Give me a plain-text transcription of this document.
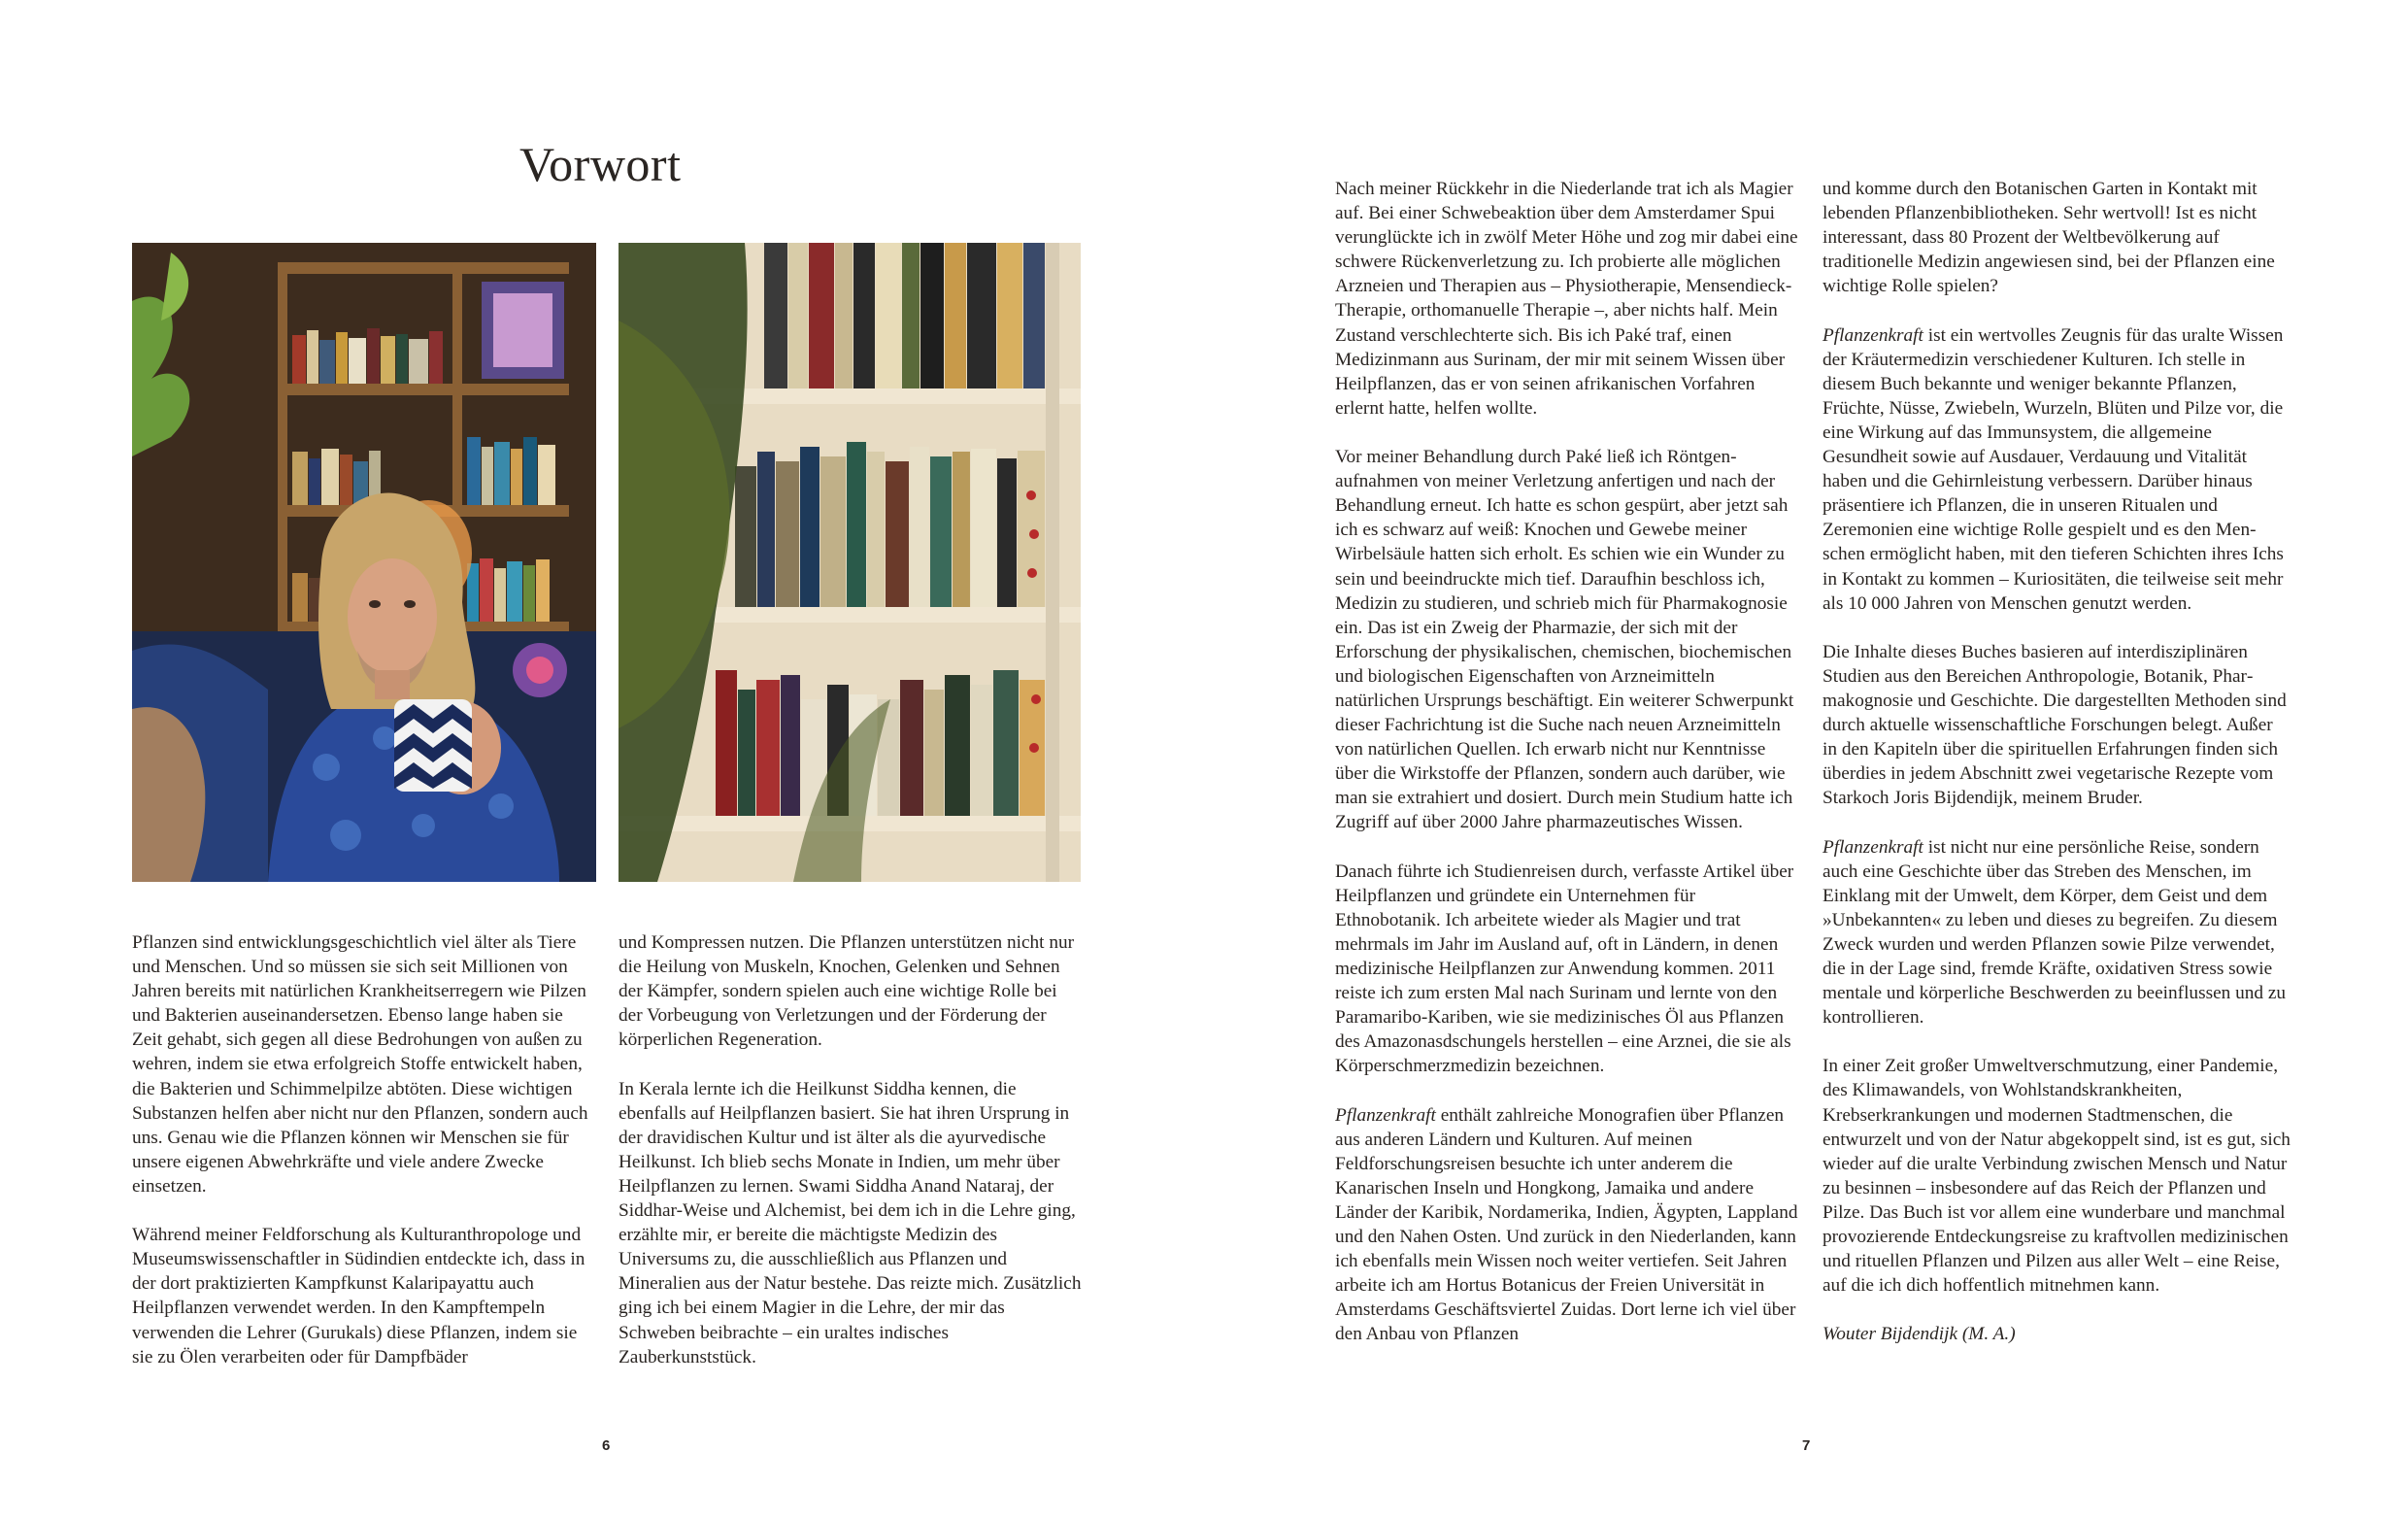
Vorwort

Pflanzen sind entwicklungsgeschichtlich viel älter als Tiere und Menschen. Und so müssen sie sich seit Millionen von Jahren bereits mit natürlichen Krankheitserregern wie Pilzen und Bakterien auseinandersetzen. Ebenso lange haben sie Zeit gehabt, sich gegen all diese Bedrohungen von außen zu wehren, indem sie etwa erfolgreich Stoffe entwickelt haben, die Bakterien und Schimmelpilze abtöten. Diese wichtigen Substanzen helfen aber nicht nur den Pflanzen, sondern auch uns. Genau wie die Pflanzen können wir Menschen sie für unsere eigenen Abwehrkräfte und viele andere Zwecke einsetzen.

Während meiner Feldforschung als Kulturanthropologe und Museumswissenschaftler in Südindien entdeckte ich, dass in der dort praktizierten Kampfkunst Kalaripayattu auch Heilpflanzen verwendet werden. In den Kampftempeln verwenden die Lehrer (Gurukals) diese Pflanzen, indem sie sie zu Ölen verarbeiten oder für Dampfbäder

und Kompressen nutzen. Die Pflanzen unterstützen nicht nur die Heilung von Muskeln, Knochen, Gelenken und Sehnen der Kämpfer, sondern spielen auch eine wichtige Rolle bei der Vorbeugung von Verletzungen und der Förderung der körperlichen Regeneration.

In Kerala lernte ich die Heilkunst Siddha kennen, die ebenfalls auf Heilpflanzen basiert. Sie hat ihren Ursprung in der dravidischen Kultur und ist älter als die ayurvedische Heilkunst. Ich blieb sechs Monate in Indien, um mehr über Heilpflanzen zu lernen. Swami Siddha Anand Nataraj, der Siddhar-Weise und Alchemist, bei dem ich in die Lehre ging, erzählte mir, er bereite die mächtigste Medizin des Universums zu, die ausschließlich aus Pflanzen und Mineralien aus der Natur bestehe. Das reizte mich. Zusätzlich ging ich bei einem Magier in die Lehre, der mir das Schweben beibrachte – ein uraltes indisches Zauberkunststück.

6

Nach meiner Rückkehr in die Niederlande trat ich als Magier auf. Bei einer Schwebeaktion über dem Amsterdamer Spui verunglückte ich in zwölf Meter Höhe und zog mir dabei eine schwere Rückenverletzung zu. Ich probierte alle möglichen Arzneien und Therapien aus – Physiotherapie, Mensendieck-Therapie, orthomanuelle Therapie –, aber nichts half. Mein Zustand verschlechterte sich. Bis ich Paké traf, einen Medizinmann aus Surinam, der mir mit seinem Wissen über Heilpflanzen, das er von seinen afrikanischen Vorfahren erlernt hatte, helfen wollte.

Vor meiner Behandlung durch Paké ließ ich Röntgenaufnahmen von meiner Verletzung anfertigen und nach der Behandlung erneut. Ich hatte es schon gespürt, aber jetzt sah ich es schwarz auf weiß: Knochen und Gewebe meiner Wirbelsäule hatten sich erholt. Es schien wie ein Wunder zu sein und beeindruckte mich tief. Daraufhin beschloss ich, Medizin zu studieren, und schrieb mich für Pharmakognosie ein. Das ist ein Zweig der Pharmazie, der sich mit der Erforschung der physikalischen, chemischen, biochemischen und biologischen Eigenschaften von Arzneimitteln natürlichen Ursprungs beschäftigt. Ein weiterer Schwerpunkt dieser Fachrichtung ist die Suche nach neuen Arzneimitteln von natürlichen Quellen. Ich erwarb nicht nur Kenntnisse über die Wirkstoffe der Pflanzen, sondern auch darüber, wie man sie extrahiert und dosiert. Durch mein Studium hatte ich Zugriff auf über 2000 Jahre pharmazeutisches Wissen.

Danach führte ich Studienreisen durch, verfasste Artikel über Heilpflanzen und gründete ein Unternehmen für Ethnobotanik. Ich arbeitete wieder als Magier und trat mehrmals im Jahr im Ausland auf, oft in Ländern, in denen medizinische Heilpflanzen zur Anwendung kommen. 2011 reiste ich zum ersten Mal nach Surinam und lernte von den Paramaribo-Kariben, wie sie medizinisches Öl aus Pflanzen des Amazonasdschungels herstellen – eine Arznei, die sie als Körperschmerzmedizin bezeichnen.

Pflanzenkraft enthält zahlreiche Monografien über Pflanzen aus anderen Ländern und Kulturen. Auf meinen Feldforschungsreisen besuchte ich unter anderem die Kanarischen Inseln und Hongkong, Jamaika und andere Länder der Karibik, Nordamerika, Indien, Ägypten, Lappland und den Nahen Osten. Und zurück in den Niederlanden, kann ich ebenfalls mein Wissen noch weiter vertiefen. Seit Jahren arbeite ich am Hortus Botanicus der Freien Universität in Amsterdams Geschäftsviertel Zuidas. Dort lerne ich viel über den Anbau von Pflanzen

und komme durch den Botanischen Garten in Kontakt mit lebenden Pflanzenbibliotheken. Sehr wertvoll! Ist es nicht interessant, dass 80 Prozent der Weltbevölkerung auf traditionelle Medizin angewiesen sind, bei der Pflanzen eine wichtige Rolle spielen?

Pflanzenkraft ist ein wertvolles Zeugnis für das uralte Wissen der Kräutermedizin verschiedener Kulturen. Ich stelle in diesem Buch bekannte und weniger bekannte Pflanzen, Früchte, Nüsse, Zwiebeln, Wurzeln, Blüten und Pilze vor, die eine Wirkung auf das Immunsystem, die allgemeine Gesundheit sowie auf Ausdauer, Verdauung und Vitalität haben und die Gehirnleistung verbessern. Darüber hinaus präsentiere ich Pflanzen, die in unseren Ritualen und Zeremonien eine wichtige Rolle gespielt und es den Menschen ermöglicht haben, mit den tieferen Schichten ihres Ichs in Kontakt zu kommen – Kuriositäten, die teilweise seit mehr als 10 000 Jahren von Menschen genutzt werden.

Die Inhalte dieses Buches basieren auf interdisziplinären Studien aus den Bereichen Anthropologie, Botanik, Pharmakognosie und Geschichte. Die dargestellten Methoden sind durch aktuelle wissenschaftliche Forschungen belegt. Außer in den Kapiteln über die spirituellen Erfahrungen finden sich überdies in jedem Abschnitt zwei vegetarische Rezepte vom Starkoch Joris Bijdendijk, meinem Bruder.

Pflanzenkraft ist nicht nur eine persönliche Reise, sondern auch eine Geschichte über das Streben des Menschen, im Einklang mit der Umwelt, dem Körper, dem Geist und dem »Unbekannten« zu leben und dieses zu begreifen. Zu diesem Zweck wurden und werden Pflanzen sowie Pilze verwendet, die in der Lage sind, fremde Kräfte, oxidativen Stress sowie mentale und körperliche Beschwerden zu beeinflussen und zu kontrollieren.

In einer Zeit großer Umweltverschmutzung, einer Pandemie, des Klimawandels, von Wohlstandskrankheiten, Krebserkrankungen und modernen Stadtmenschen, die entwurzelt und von der Natur abgekoppelt sind, ist es gut, sich wieder auf die uralte Verbindung zwischen Mensch und Natur zu besinnen – insbesondere auf das Reich der Pflanzen und Pilze. Das Buch ist vor allem eine wunderbare und manchmal provozierende Entdeckungsreise zu kraftvollen medizinischen und rituellen Pflanzen und Pilzen aus aller Welt – eine Reise, auf die ich dich hoffentlich mitnehmen kann.

Wouter Bijdendijk (M. A.)

7
